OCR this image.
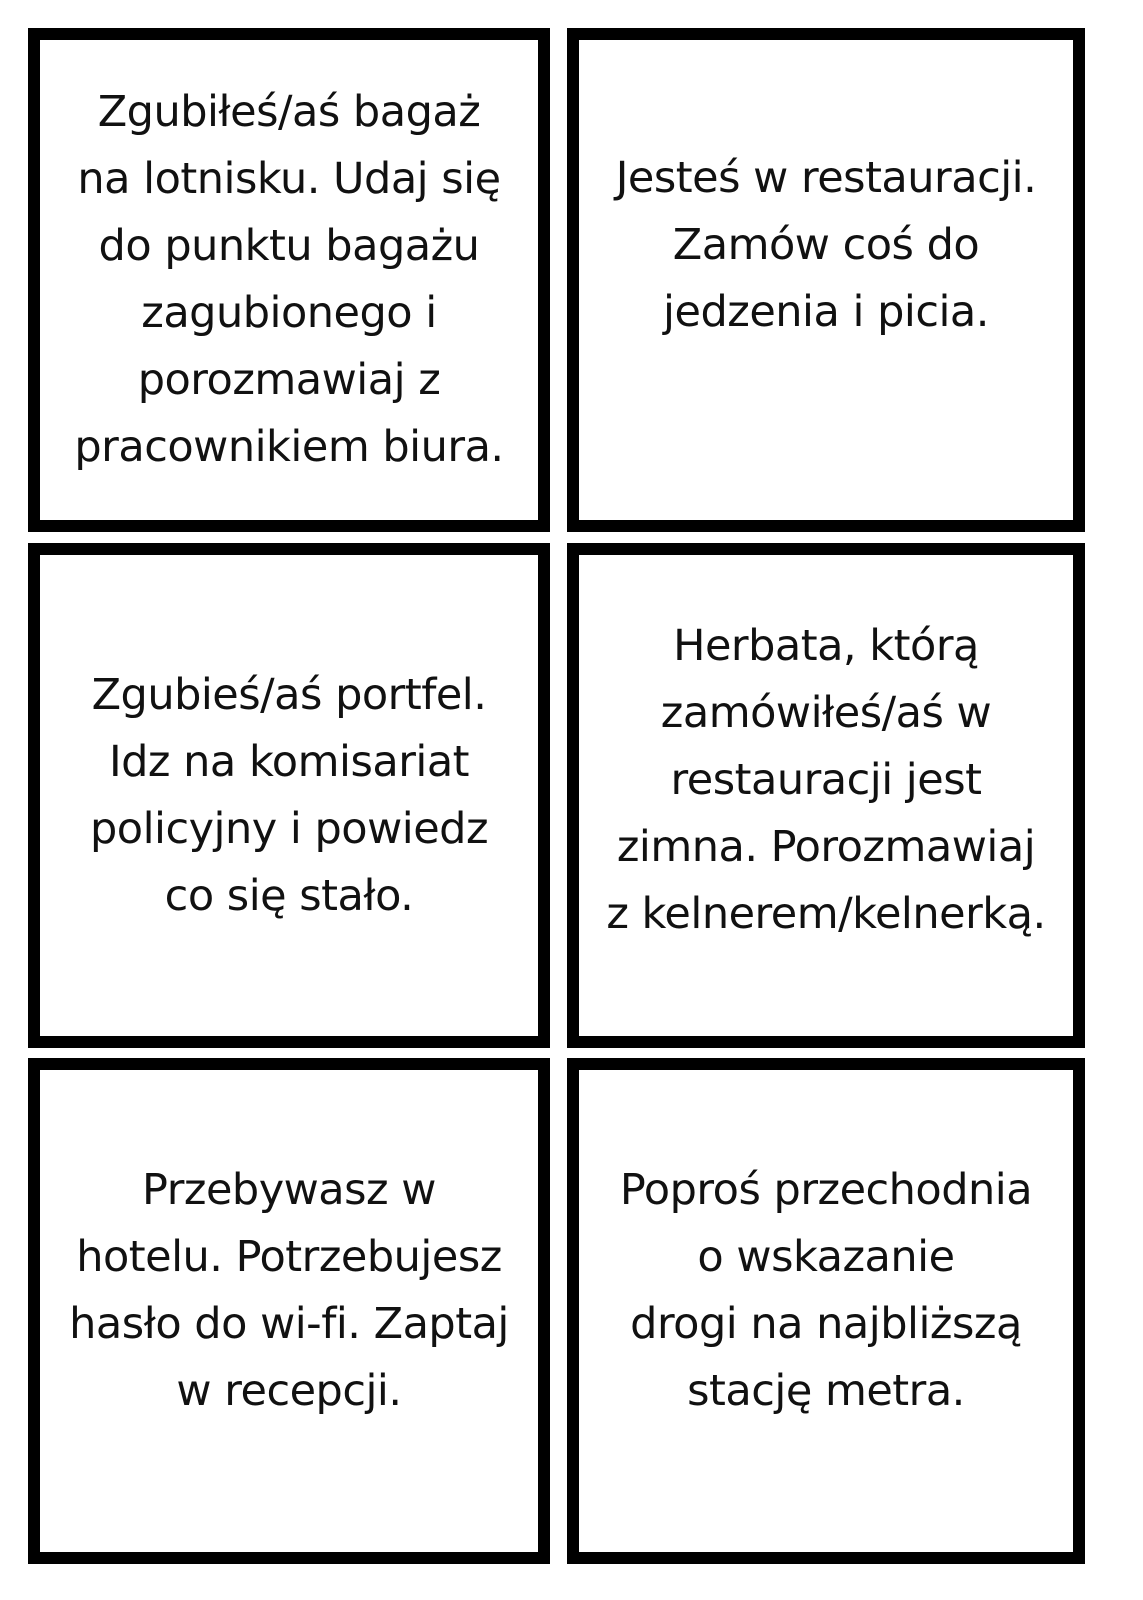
Zgubiłeś/aś bagaż
na lotnisku. Udaj się
do punktu bagażu
zagubionego i
porozmawiaj z
pracownikiem biura.

Jesteś w restauracji.
Zamów coś do
jedzenia i picia.

Zgubieś/aś portfel.
Idz na komisariat
policyjny i powiedz
co się stało.

Herbata, którą
zamówiłeś/aś w
restauracji jest
zimna. Porozmawiaj
z kelnerem/kelnerką.

Przebywasz w
hotelu. Potrzebujesz
hasło do wi-fi. Zaptaj
w recepcji.

Poproś przechodnia
o wskazanie
drogi na najbliższą
stację metra.
